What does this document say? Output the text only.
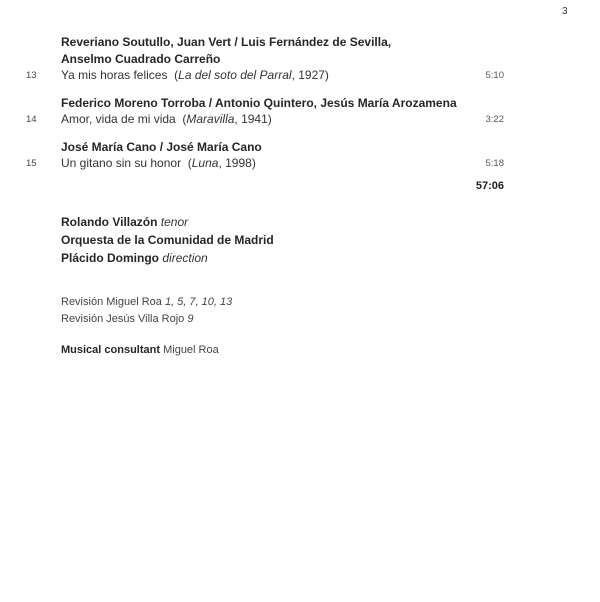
3
Reveriano Soutullo, Juan Vert / Luis Fernández de Sevilla,
Anselmo Cuadrado Carreño
13 Ya mis horas felices  (La del soto del Parral, 1927)	5:10
Federico Moreno Torroba / Antonio Quintero, Jesús María Arozamena
14 Amor, vida de mi vida  (Maravilla, 1941)	3:22
José María Cano / José María Cano
15 Un gitano sin su honor  (Luna, 1998)	5:18
57:06
Rolando Villazón tenor
Orquesta de la Comunidad de Madrid
Plácido Domingo direction
Revisión Miguel Roa 1, 5, 7, 10, 13
Revisión Jesús Villa Rojo 9
Musical consultant Miguel Roa
